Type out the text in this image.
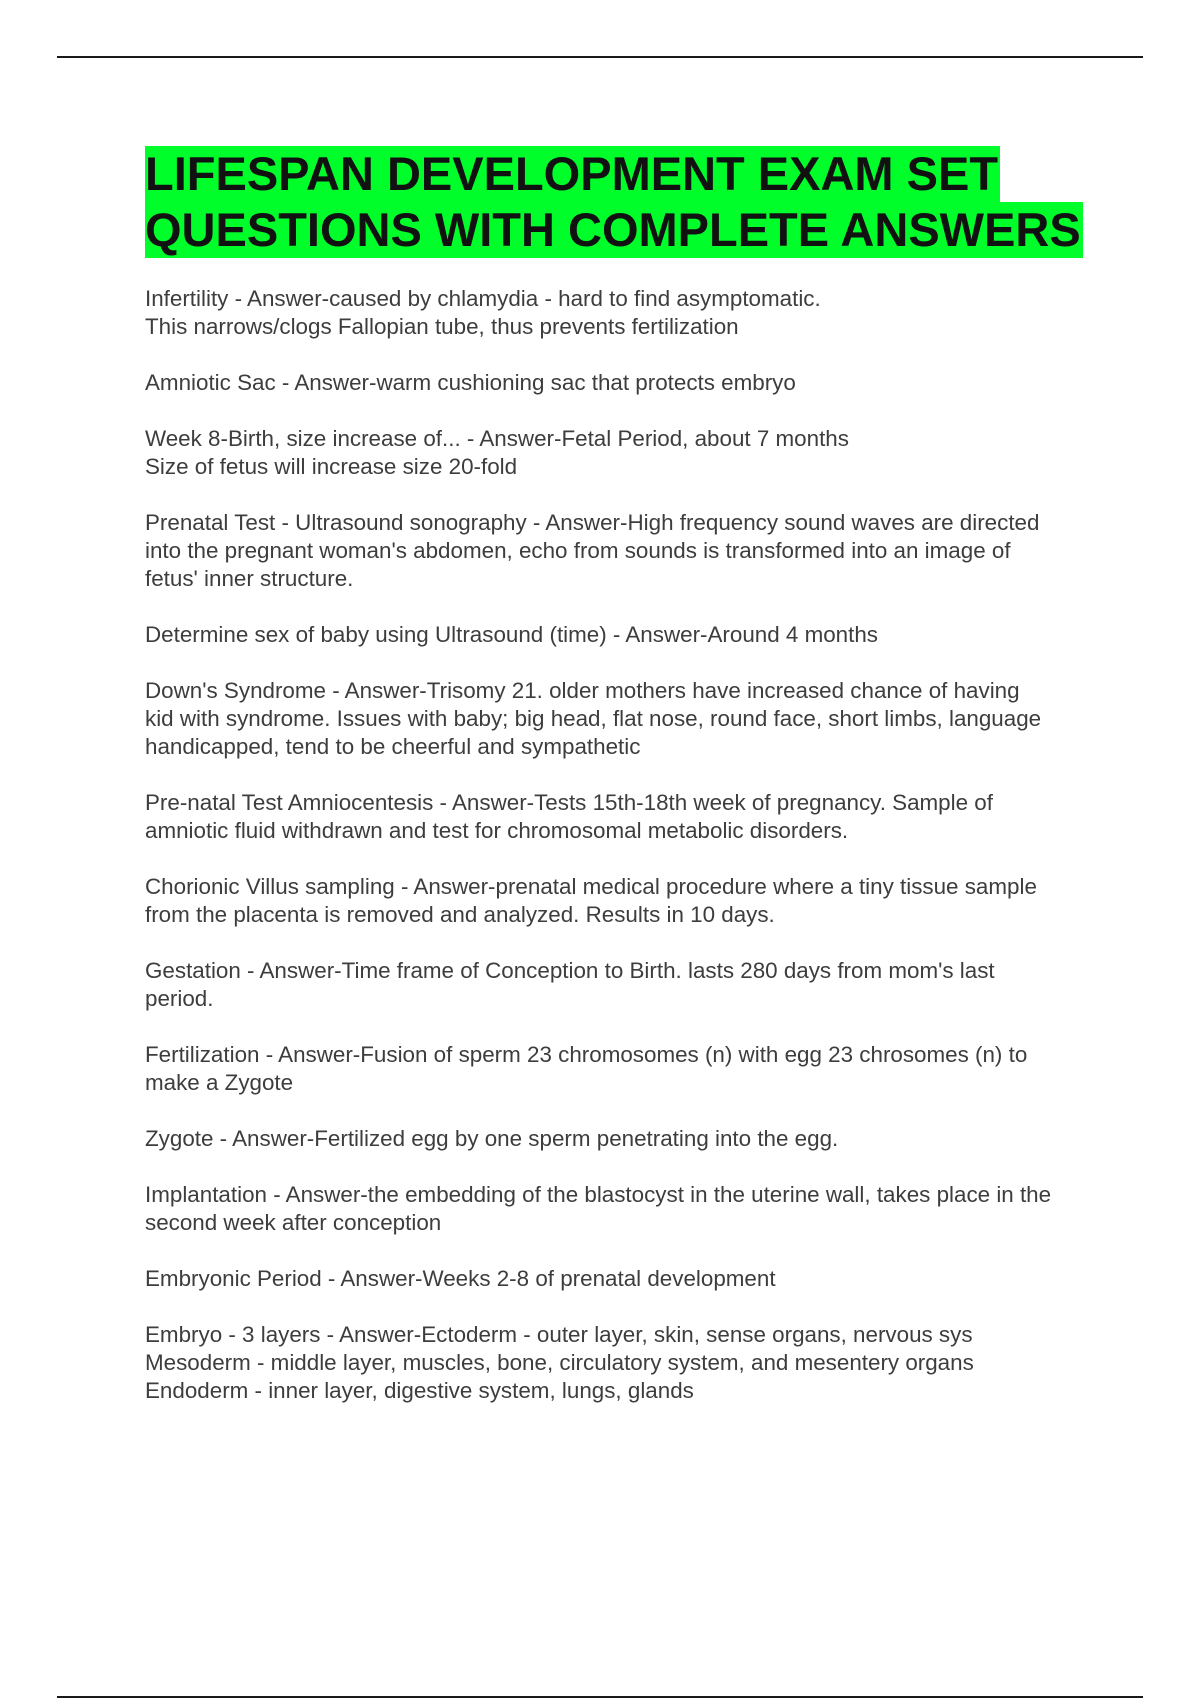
LIFESPAN DEVELOPMENT EXAM SET
QUESTIONS WITH COMPLETE ANSWERS
Infertility - Answer-caused by chlamydia - hard to find asymptomatic.
This narrows/clogs Fallopian tube, thus prevents fertilization
Amniotic Sac - Answer-warm cushioning sac that protects embryo
Week 8-Birth, size increase of... - Answer-Fetal Period, about 7 months
Size of fetus will increase size 20-fold
Prenatal Test - Ultrasound sonography - Answer-High frequency sound waves are directed
into the pregnant woman's abdomen, echo from sounds is transformed into an image of
fetus' inner structure.
Determine sex of baby using Ultrasound (time) - Answer-Around 4 months
Down's Syndrome - Answer-Trisomy 21. older mothers have increased chance of having
kid with syndrome. Issues with baby; big head, flat nose, round face, short limbs, language
handicapped, tend to be cheerful and sympathetic
Pre-natal Test Amniocentesis - Answer-Tests 15th-18th week of pregnancy. Sample of
amniotic fluid withdrawn and test for chromosomal metabolic disorders.
Chorionic Villus sampling - Answer-prenatal medical procedure where a tiny tissue sample
from the placenta is removed and analyzed. Results in 10 days.
Gestation - Answer-Time frame of Conception to Birth. lasts 280 days from mom's last
period.
Fertilization - Answer-Fusion of sperm 23 chromosomes (n) with egg 23 chrosomes (n) to
make a Zygote
Zygote - Answer-Fertilized egg by one sperm penetrating into the egg.
Implantation - Answer-the embedding of the blastocyst in the uterine wall, takes place in the
second week after conception
Embryonic Period - Answer-Weeks 2-8 of prenatal development
Embryo - 3 layers - Answer-Ectoderm - outer layer, skin, sense organs, nervous sys
Mesoderm - middle layer, muscles, bone, circulatory system, and mesentery organs
Endoderm - inner layer, digestive system, lungs, glands
